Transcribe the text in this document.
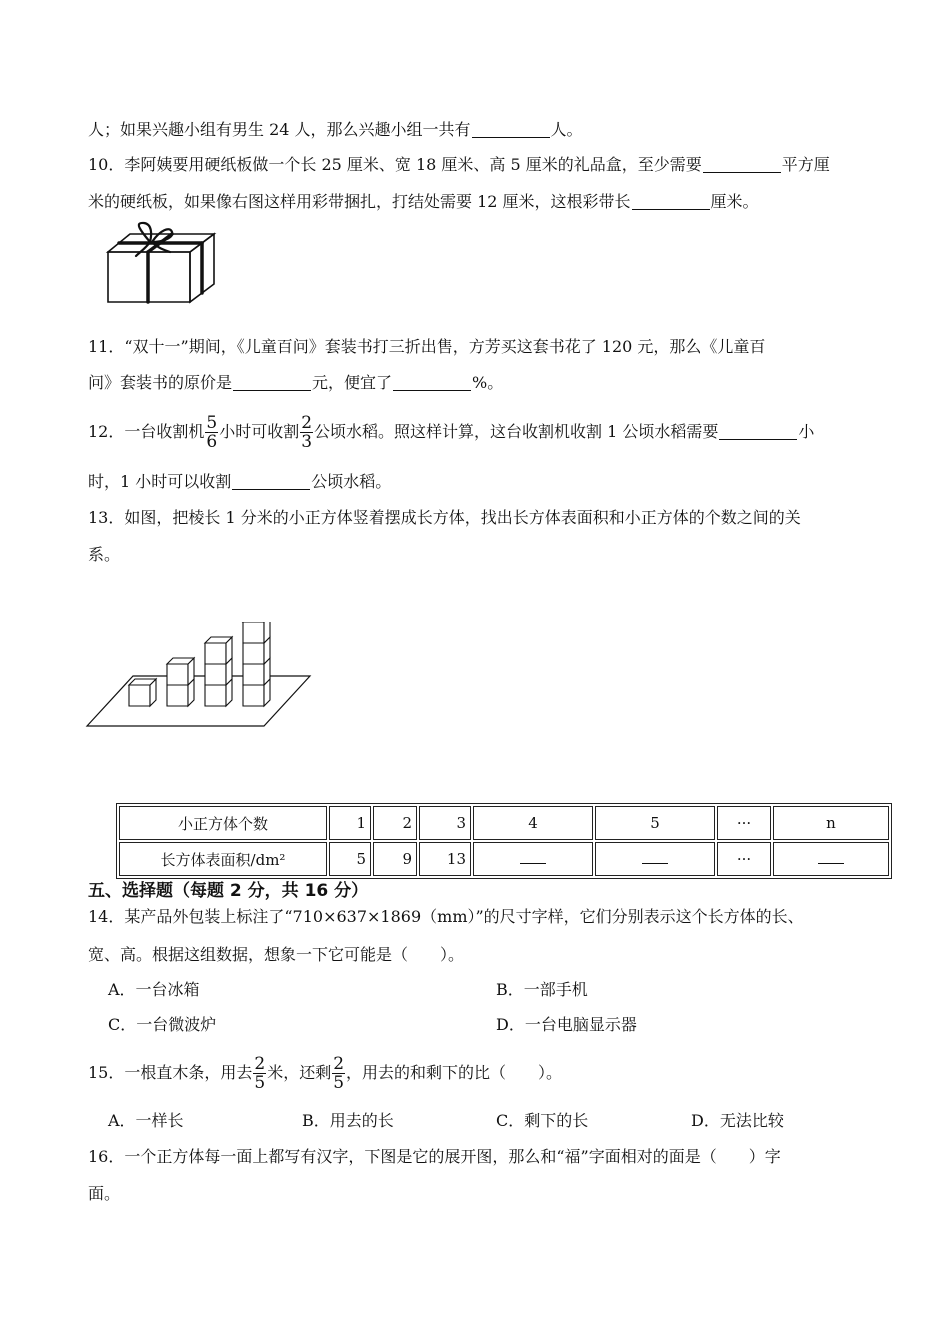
人；如果兴趣小组有男生 24 人，那么兴趣小组一共有	人。
10．李阿姨要用硬纸板做一个长 25 厘米、宽 18 厘米、高 5 厘米的礼品盒，至少需要	平方厘
米的硬纸板，如果像右图这样用彩带捆扎，打结处需要 12 厘米，这根彩带长	厘米。
11．“双十一”期间，《儿童百问》套装书打三折出售，方芳买这套书花了 120 元，那么《儿童百
问》套装书的原价是	元，便宜了	%。
12．一台收割机 $\frac{5}{6}$ 小时可收割 $\frac{2}{3}$ 公顷水稻。照这样计算，这台收割机收割 1 公顷水稻需要	小
时，1 小时可以收割	公顷水稻。
13．如图，把棱长 1 分米的小正方体竖着摆成长方体，找出长方体表面积和小正方体的个数之间的关
系。
小正方体个数	1	2	3	4	5	···	n
长方体表面积/dm²	5	9	13			···	
五、选择题（每题 2 分，共 16 分）
14．某产品外包装上标注了“710×637×1869（mm）”的尺寸字样，它们分别表示这个长方体的长、
宽、高。根据这组数据，想象一下它可能是（　　）。
A．一台冰箱	B．一部手机
C．一台微波炉	D．一台电脑显示器
15．一根直木条，用去 $\frac{2}{5}$ 米，还剩 $\frac{2}{5}$ ，用去的和剩下的比（　　）。
A．一样长	B．用去的长	C．剩下的长	D．无法比较
16．一个正方体每一面上都写有汉字，下图是它的展开图，那么和“福”字面相对的面是（　　）字
面。
